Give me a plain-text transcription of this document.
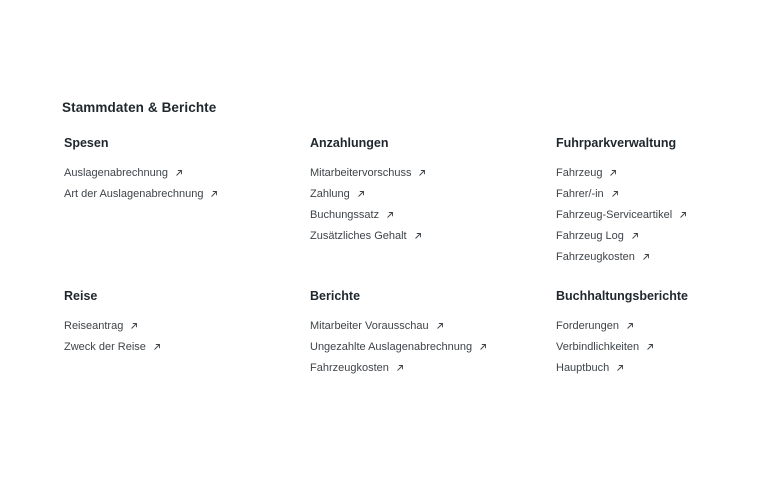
Stammdaten & Berichte
Spesen
Auslagenabrechnung
Art der Auslagenabrechnung
Anzahlungen
Mitarbeitervorschuss
Zahlung
Buchungssatz
Zusätzliches Gehalt
Fuhrparkverwaltung
Fahrzeug
Fahrer/-in
Fahrzeug-Serviceartikel
Fahrzeug Log
Fahrzeugkosten
Reise
Reiseantrag
Zweck der Reise
Berichte
Mitarbeiter Vorausschau
Ungezahlte Auslagenabrechnung
Fahrzeugkosten
Buchhaltungsberichte
Forderungen
Verbindlichkeiten
Hauptbuch
